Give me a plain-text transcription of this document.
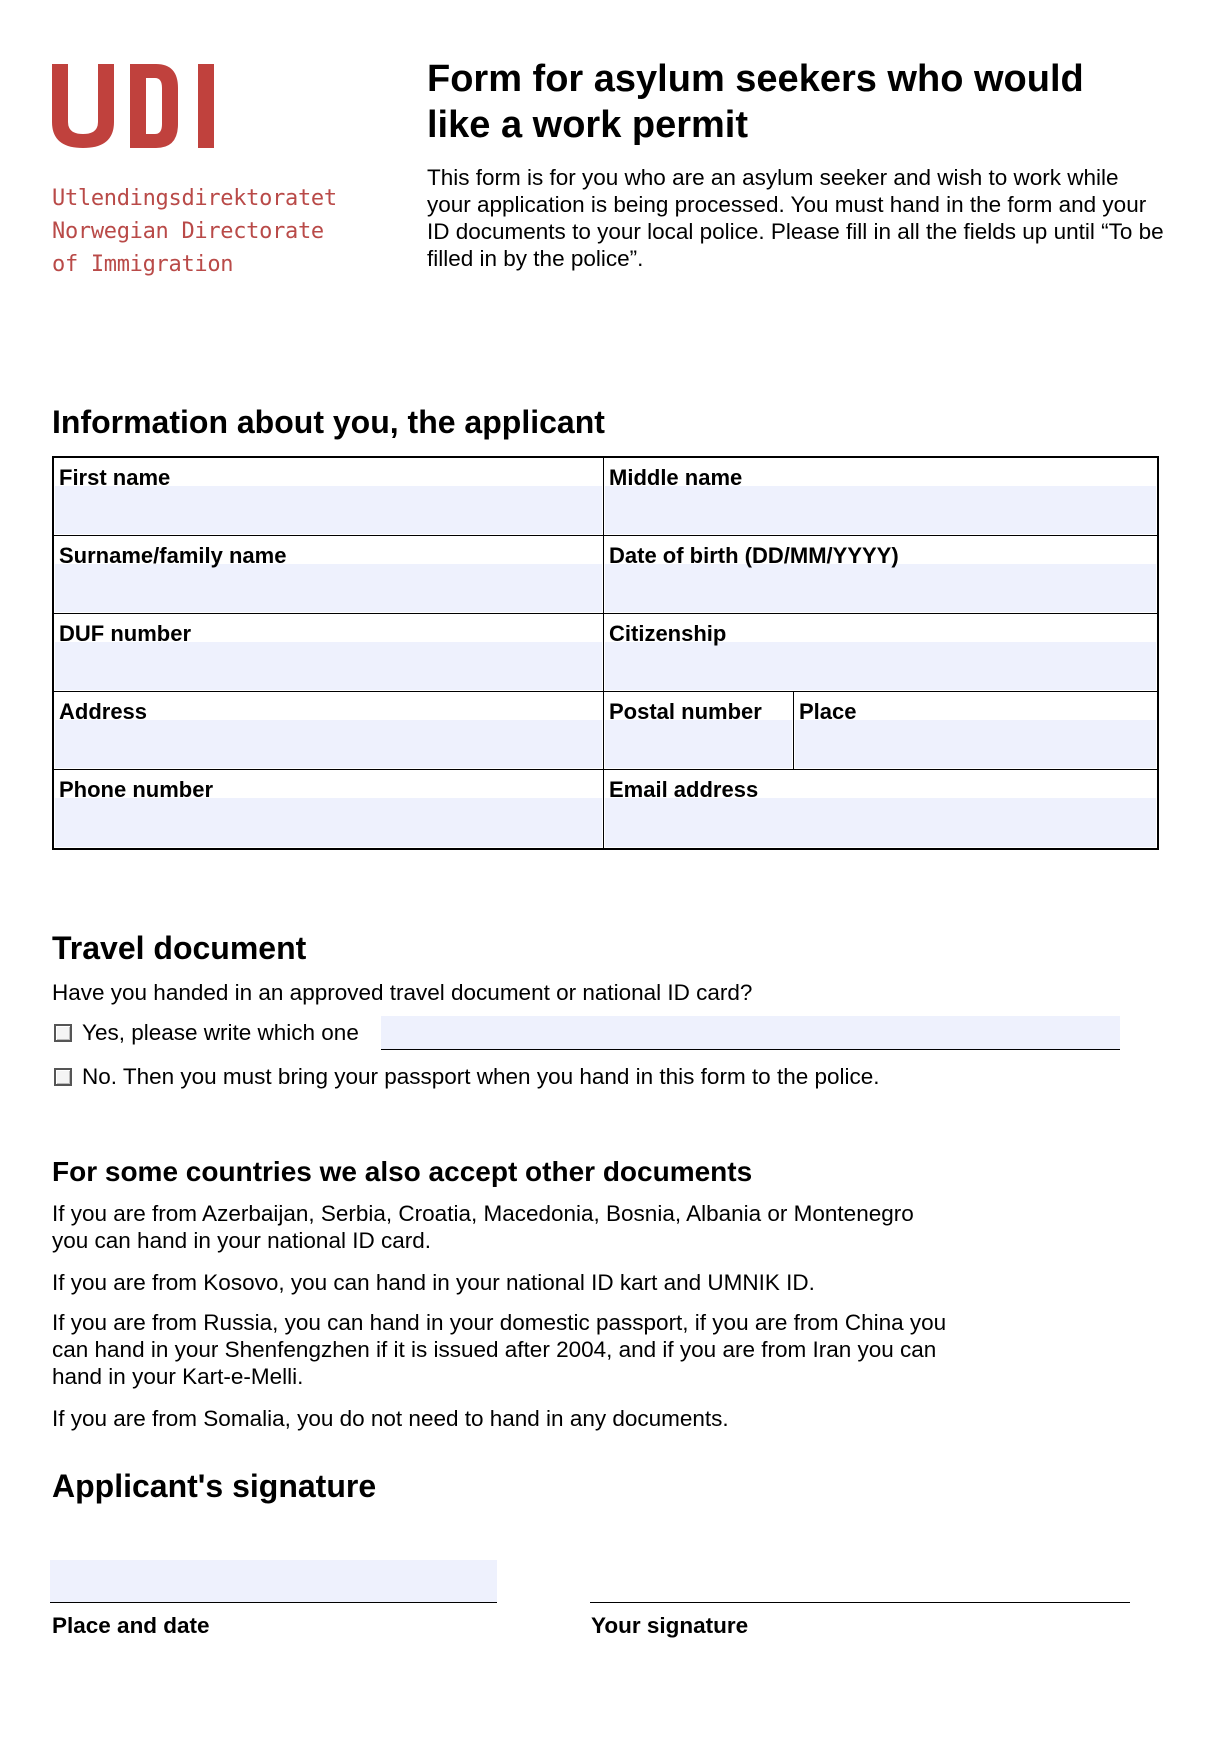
Utlendingsdirektoratet
Norwegian Directorate
of Immigration
Form for asylum seekers who would like a work permit

This form is for you who are an asylum seeker and wish to work while your application is being processed. You must hand in the form and your ID documents to your local police. Please fill in all the fields up until “To be filled in by the police”.

Information about you, the applicant
First name	Middle name
Surname/family name	Date of birth (DD/MM/YYYY)
DUF number	Citizenship
Address	Postal number	Place
Phone number	Email address
Travel document
Have you handed in an approved travel document or national ID card?
Yes, please write which one
No. Then you must bring your passport when you hand in this form to the police.
For some countries we also accept other documents

If you are from Azerbaijan, Serbia, Croatia, Macedonia, Bosnia, Albania or Montenegro you can hand in your national ID card.

If you are from Kosovo, you can hand in your national ID kart and UMNIK ID.

If you are from Russia, you can hand in your domestic passport, if you are from China you can hand in your Shenfengzhen if it is issued after 2004, and if you are from Iran you can hand in your Kart-e-Melli.

If you are from Somalia, you do not need to hand in any documents.

Applicant's signature
Place and date	Your signature
